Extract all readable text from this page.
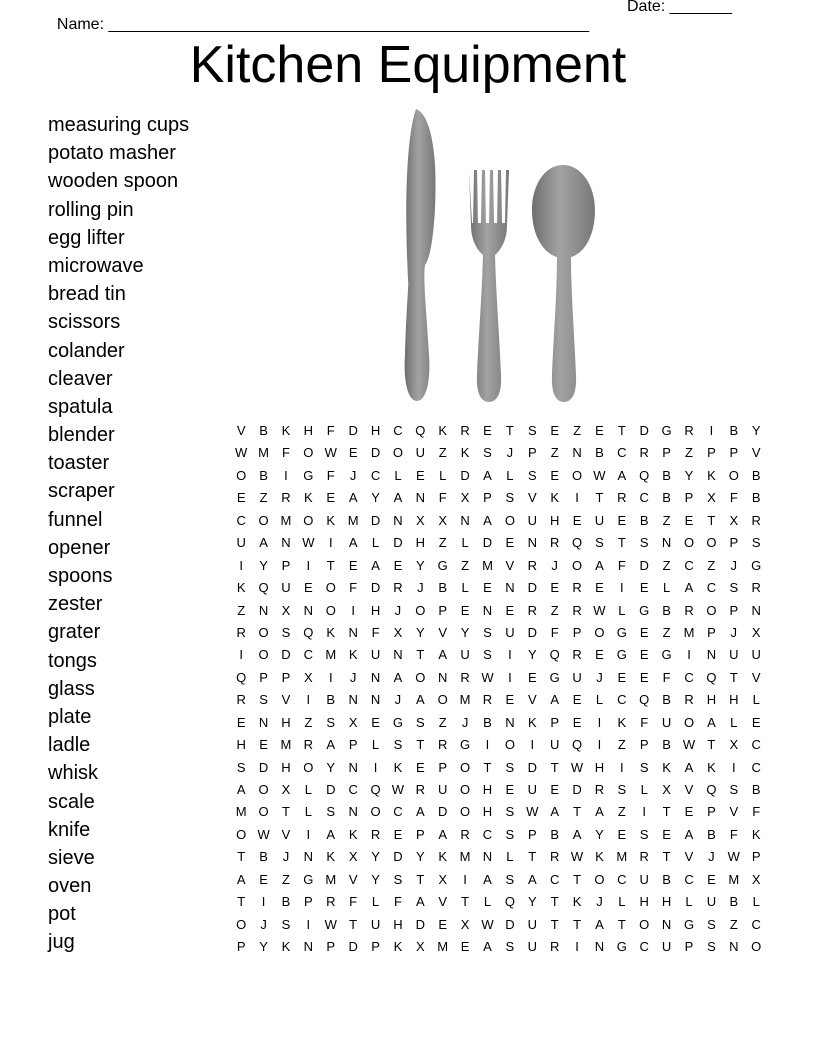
Name: ______________________________________________________

Date: _______

Kitchen Equipment
measuring cups
potato masher
wooden spoon
rolling pin
egg lifter
microwave
bread tin
scissors
colander
cleaver
spatula
blender
toaster
scraper
funnel
opener
spoons
zester
grater
tongs
glass
plate
ladle
whisk
scale
knife
sieve
oven
pot
jug
V	B	K	H	F	D	H	C Q	K	R	E	T	S	E	Z	E	T	D G R	I	B	Y
W M	F	O W E	D O U	Z	K	S	J	P	Z	N	B	C	R	P	Z	P	P	V
O	B	I	G	F	J	C	L	E	L	D	A	L	S	E O W A Q	B	Y	K O	B
E	Z	R	K	E	A	Y	A	N	F	X	P	S	V	K	I	T	R	C	B	P	X	F	B
C O M O	K M D	N	X	X	N	A O U	H	E	U	E	B	Z	E	T	X	R
U	A	N W	I	A	L	D	H	Z	L	D	E	N	R Q	S	T	S	N O O	P	S
I	Y	P	I	T	E	A	E	Y G	Z M V	R	J	O	A	F	D	Z	C	Z	J	G
K Q U	E O	F	D	R	J	B	L	E	N	D	E	R	E	I	E	L	A	C	S	R
Z	N	X	N O	I	H	J	O	P	E	N	E	R	Z	R W L	G	B	R O	P	N
R O	S Q	K	N	F	X	Y	V	Y	S	U	D	F	P O G	E	Z M P	J	X
I	O D	C M K	U	N	T	A	U	S	I	Y Q R	E G	E G	I	N	U	U
Q	P	P	X	I	J	N	A O N	R W	I	E G U	J	E	E	F	C Q	T	V
R	S	V	I	B	N	N	J	A O M R	E	V	A	E	L	C Q	B	R	H	H	L
E	N	H	Z	S	X	E G	S	Z	J	B	N	K	P	E	I	K	F	U O	A	L	E
H	E M R	A	P	L	S	T	R G	I	O	I	U Q	I	Z	P	B W T	X	C
S	D	H O	Y	N	I	K	E	P O	T	S	D	T W H	I	S	K	A	K	I	C
A O	X	L	D	C Q W R	U O H	E	U	E	D	R	S	L	X	V Q	S	B
M O	T	L	S	N O C	A	D O H	S W A	T	A	Z	I	T	E	P	V	F
O W V	I	A	K	R	E	P	A	R	C	S	P	B	A	Y	E	S	E	A	B	F	K
T	B	J	N	K	X	Y	D	Y	K M N	L	T	R W K M R	T	V	J	W P
A	E	Z	G M V	Y	S	T	X	I	A	S	A	C	T	O C	U	B	C	E M X
T	I	B	P	R	F	L	F	A	V	T	L	Q	Y	T	K	J	L	H	H	L	U	B	L
O	J	S	I	W T	U	H	D	E	X W D	U	T	T	A	T	O N G	S	Z	C
P	Y	K	N	P	D	P	K	X M E	A	S	U	R	I	N G C	U	P	S	N O
